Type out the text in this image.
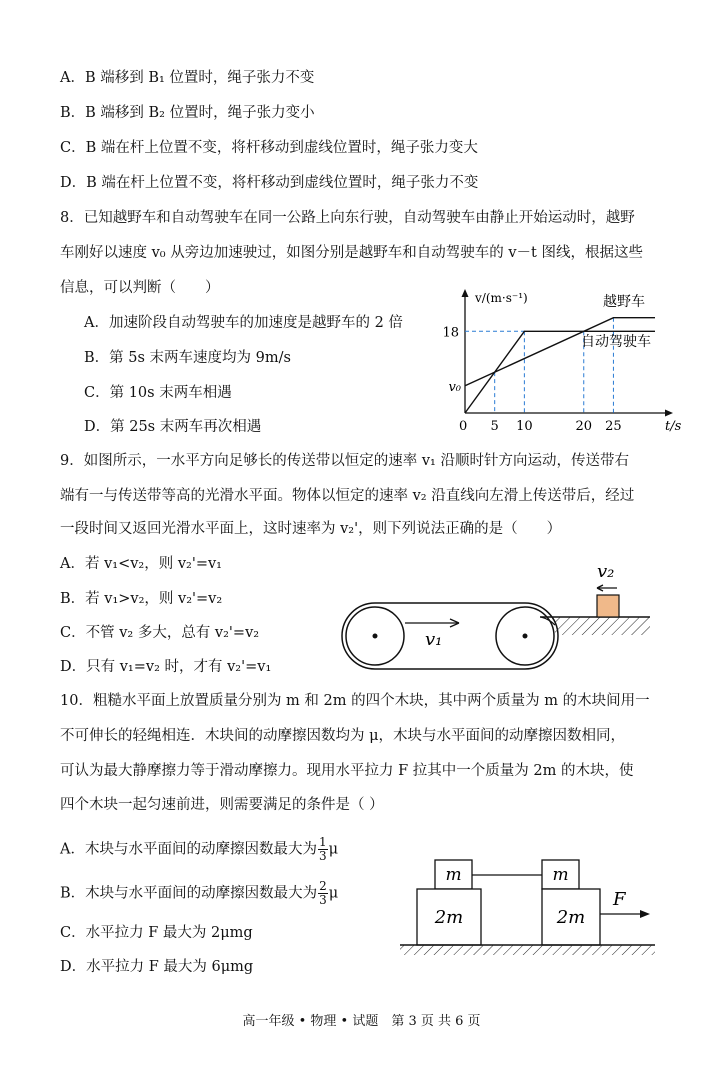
A．B 端移到 B₁ 位置时，绳子张力不变
B．B 端移到 B₂ 位置时，绳子张力变小
C．B 端在杆上位置不变，将杆移动到虚线位置时，绳子张力变大
D．B 端在杆上位置不变，将杆移动到虚线位置时，绳子张力不变
8．已知越野车和自动驾驶车在同一公路上向东行驶，自动驾驶车由静止开始运动时，越野
车刚好以速度 v₀ 从旁边加速驶过，如图分别是越野车和自动驾驶车的 v－t 图线，根据这些
信息，可以判断（　　）
A．加速阶段自动驾驶车的加速度是越野车的 2 倍
B．第 5s 末两车速度均为 9m/s
C．第 10s 末两车相遇
D．第 25s 末两车再次相遇
越野车
自动驾驶车
0 5 10	20 25
18
v₀
v/(m·s⁻¹)
t/s
9．如图所示，一水平方向足够长的传送带以恒定的速率 v₁ 沿顺时针方向运动，传送带右
端有一与传送带等高的光滑水平面。物体以恒定的速率 v₂ 沿直线向左滑上传送带后，经过
一段时间又返回光滑水平面上，这时速率为 v₂'，则下列说法正确的是（　　）
A．若 v₁<v₂，则 v₂'=v₁
B．若 v₁>v₂，则 v₂'=v₂
C．不管 v₂ 多大，总有 v₂'=v₂
D．只有 v₁=v₂ 时，才有 v₂'=v₁
v₁
v₂
10．粗糙水平面上放置质量分别为 m 和 2m 的四个木块，其中两个质量为 m 的木块间用一
不可伸长的轻绳相连．木块间的动摩擦因数均为 μ，木块与水平面间的动摩擦因数相同，
可认为最大静摩擦力等于滑动摩擦力。现用水平拉力 F 拉其中一个质量为 2m 的木块，使
四个木块一起匀速前进，则需要满足的条件是（ ）
A．木块与水平面间的动摩擦因数最大为 $\frac{1}{3}$ μ
B．木块与水平面间的动摩擦因数最大为 $\frac{2}{3}$ μ
C．水平拉力 F 最大为 2μmg
D．水平拉力 F 最大为 6μmg
m
2m
m
2m
F
高一年级 • 物理 • 试题　第 3 页 共 6 页
